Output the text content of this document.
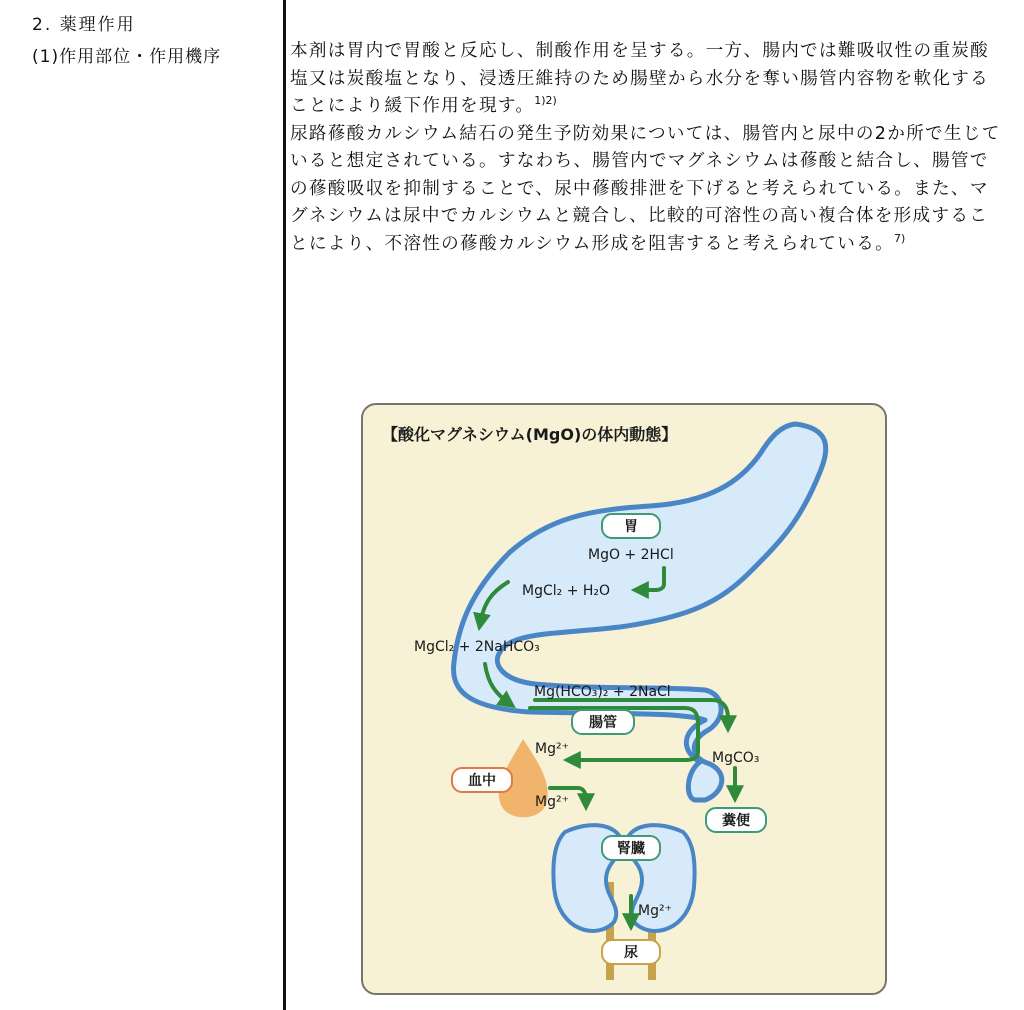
2. 薬理作用
(1)作用部位・作用機序	本剤は胃内で胃酸と反応し、制酸作用を呈する。一方、腸内では難吸収性の重炭酸塩又は炭酸塩となり、浸透圧維持のため腸壁から水分を奪い腸管内容物を軟化することにより緩下作用を現す。$^{1)2)}$

尿路蓚酸カルシウム結石の発生予防効果については、腸管内と尿中の2か所で生じていると想定されている。すなわち、腸管内でマグネシウムは蓚酸と結合し、腸管での蓚酸吸収を抑制することで、尿中蓚酸排泄を下げると考えられている。また、マグネシウムは尿中でカルシウムと競合し、比較的可溶性の高い複合体を形成することにより、不溶性の蓚酸カルシウム形成を阻害すると考えられている。$^{7)}$

【酸化マグネシウム(MgO)の体内動態】
MgO + 2HCl
MgCl₂ + H₂O
MgCl₂ + 2NaHCO₃
Mg(HCO₃)₂ + 2NaCl
MgCO₃
Mg²⁺
Mg²⁺
Mg²⁺
胃
腸管
血中
糞便
腎臓
尿
